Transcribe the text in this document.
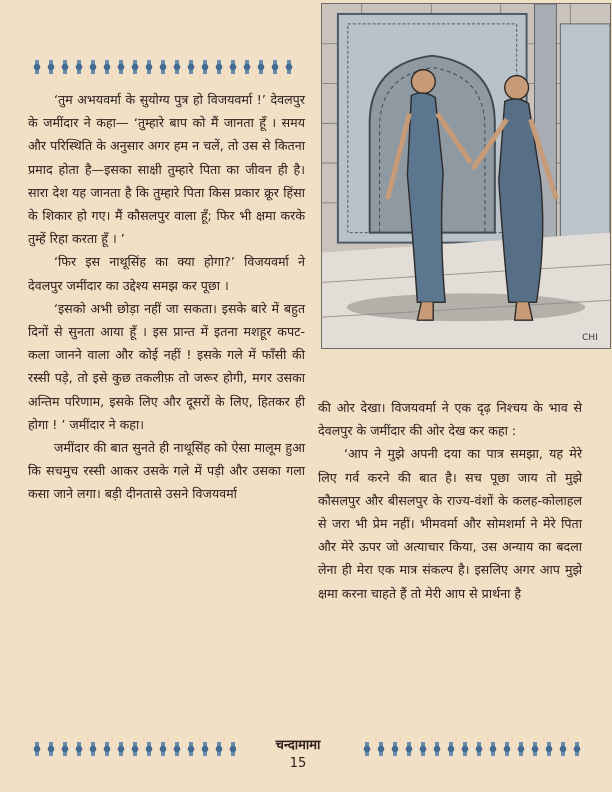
‘तुम अभयवर्मा के सुयोग्य पुत्र हो विजयवर्मा !’ देवलपुर के जमींदार ने कहा— ‘तुम्हारे बाप को मैं जानता हूँ । समय और परिस्थिति के अनुसार अगर हम न चलें, तो उस से कितना प्रमाद होता है—इसका साक्षी तुम्हारे पिता का जीवन ही है। सारा देश यह जानता है कि तुम्हारे पिता किस प्रकार क्रूर हिंसा के शिकार हो गए। मैं कौसलपुर वाला हूँ; फिर भी क्षमा करके तुम्हें रिहा करता हूँ । ’

‘फिर इस नाथूसिंह का क्या होगा?’ विजयवर्मा ने देवलपुर जमींदार का उद्देश्य समझ कर पूछा ।

‘इसको अभी छोड़ा नहीं जा सकता। इसके बारे में बहुत दिनों से सुनता आया हूँ । इस प्रान्त में इतना मशहूर कपट-कला जानने वाला और कोई नहीं ! इसके गले में फाँसी की रस्सी पड़े, तो इसे कुछ तकलीफ़ तो जरूर होगी, मगर उसका अन्तिम परिणाम, इसके लिए और दूसरों के लिए, हितकर ही होगा ! ’ जमींदार ने कहा।

जमींदार की बात सुनते ही नाथूसिंह को ऐसा मालूम हुआ कि सचमुच रस्सी आकर उसके गले में पड़ी और उसका गला कसा जाने लगा। बड़ी दीनतासे उसने विजयवर्मा

CHI

की ओर देखा। विजयवर्मा ने एक दृढ़ निश्चय के भाव से देवलपुर के जमींदार की ओर देख कर कहा :

‘आप ने मुझे अपनी दया का पात्र समझा, यह मेरे लिए गर्व करने की बात है। सच पूछा जाय तो मुझे कौसलपुर और बीसलपुर के राज्य-वंशों के कलह-कोलाहल से जरा भी प्रेम नहीं। भीमवर्मा और सोमशर्मा ने मेरे पिता और मेरे ऊपर जो अत्याचार किया, उस अन्याय का बदला लेना ही मेरा एक मात्र संकल्प है। इसलिए अगर आप मुझे क्षमा करना चाहते हैं तो मेरी आप से प्रार्थना है

चन्दामामा
15
